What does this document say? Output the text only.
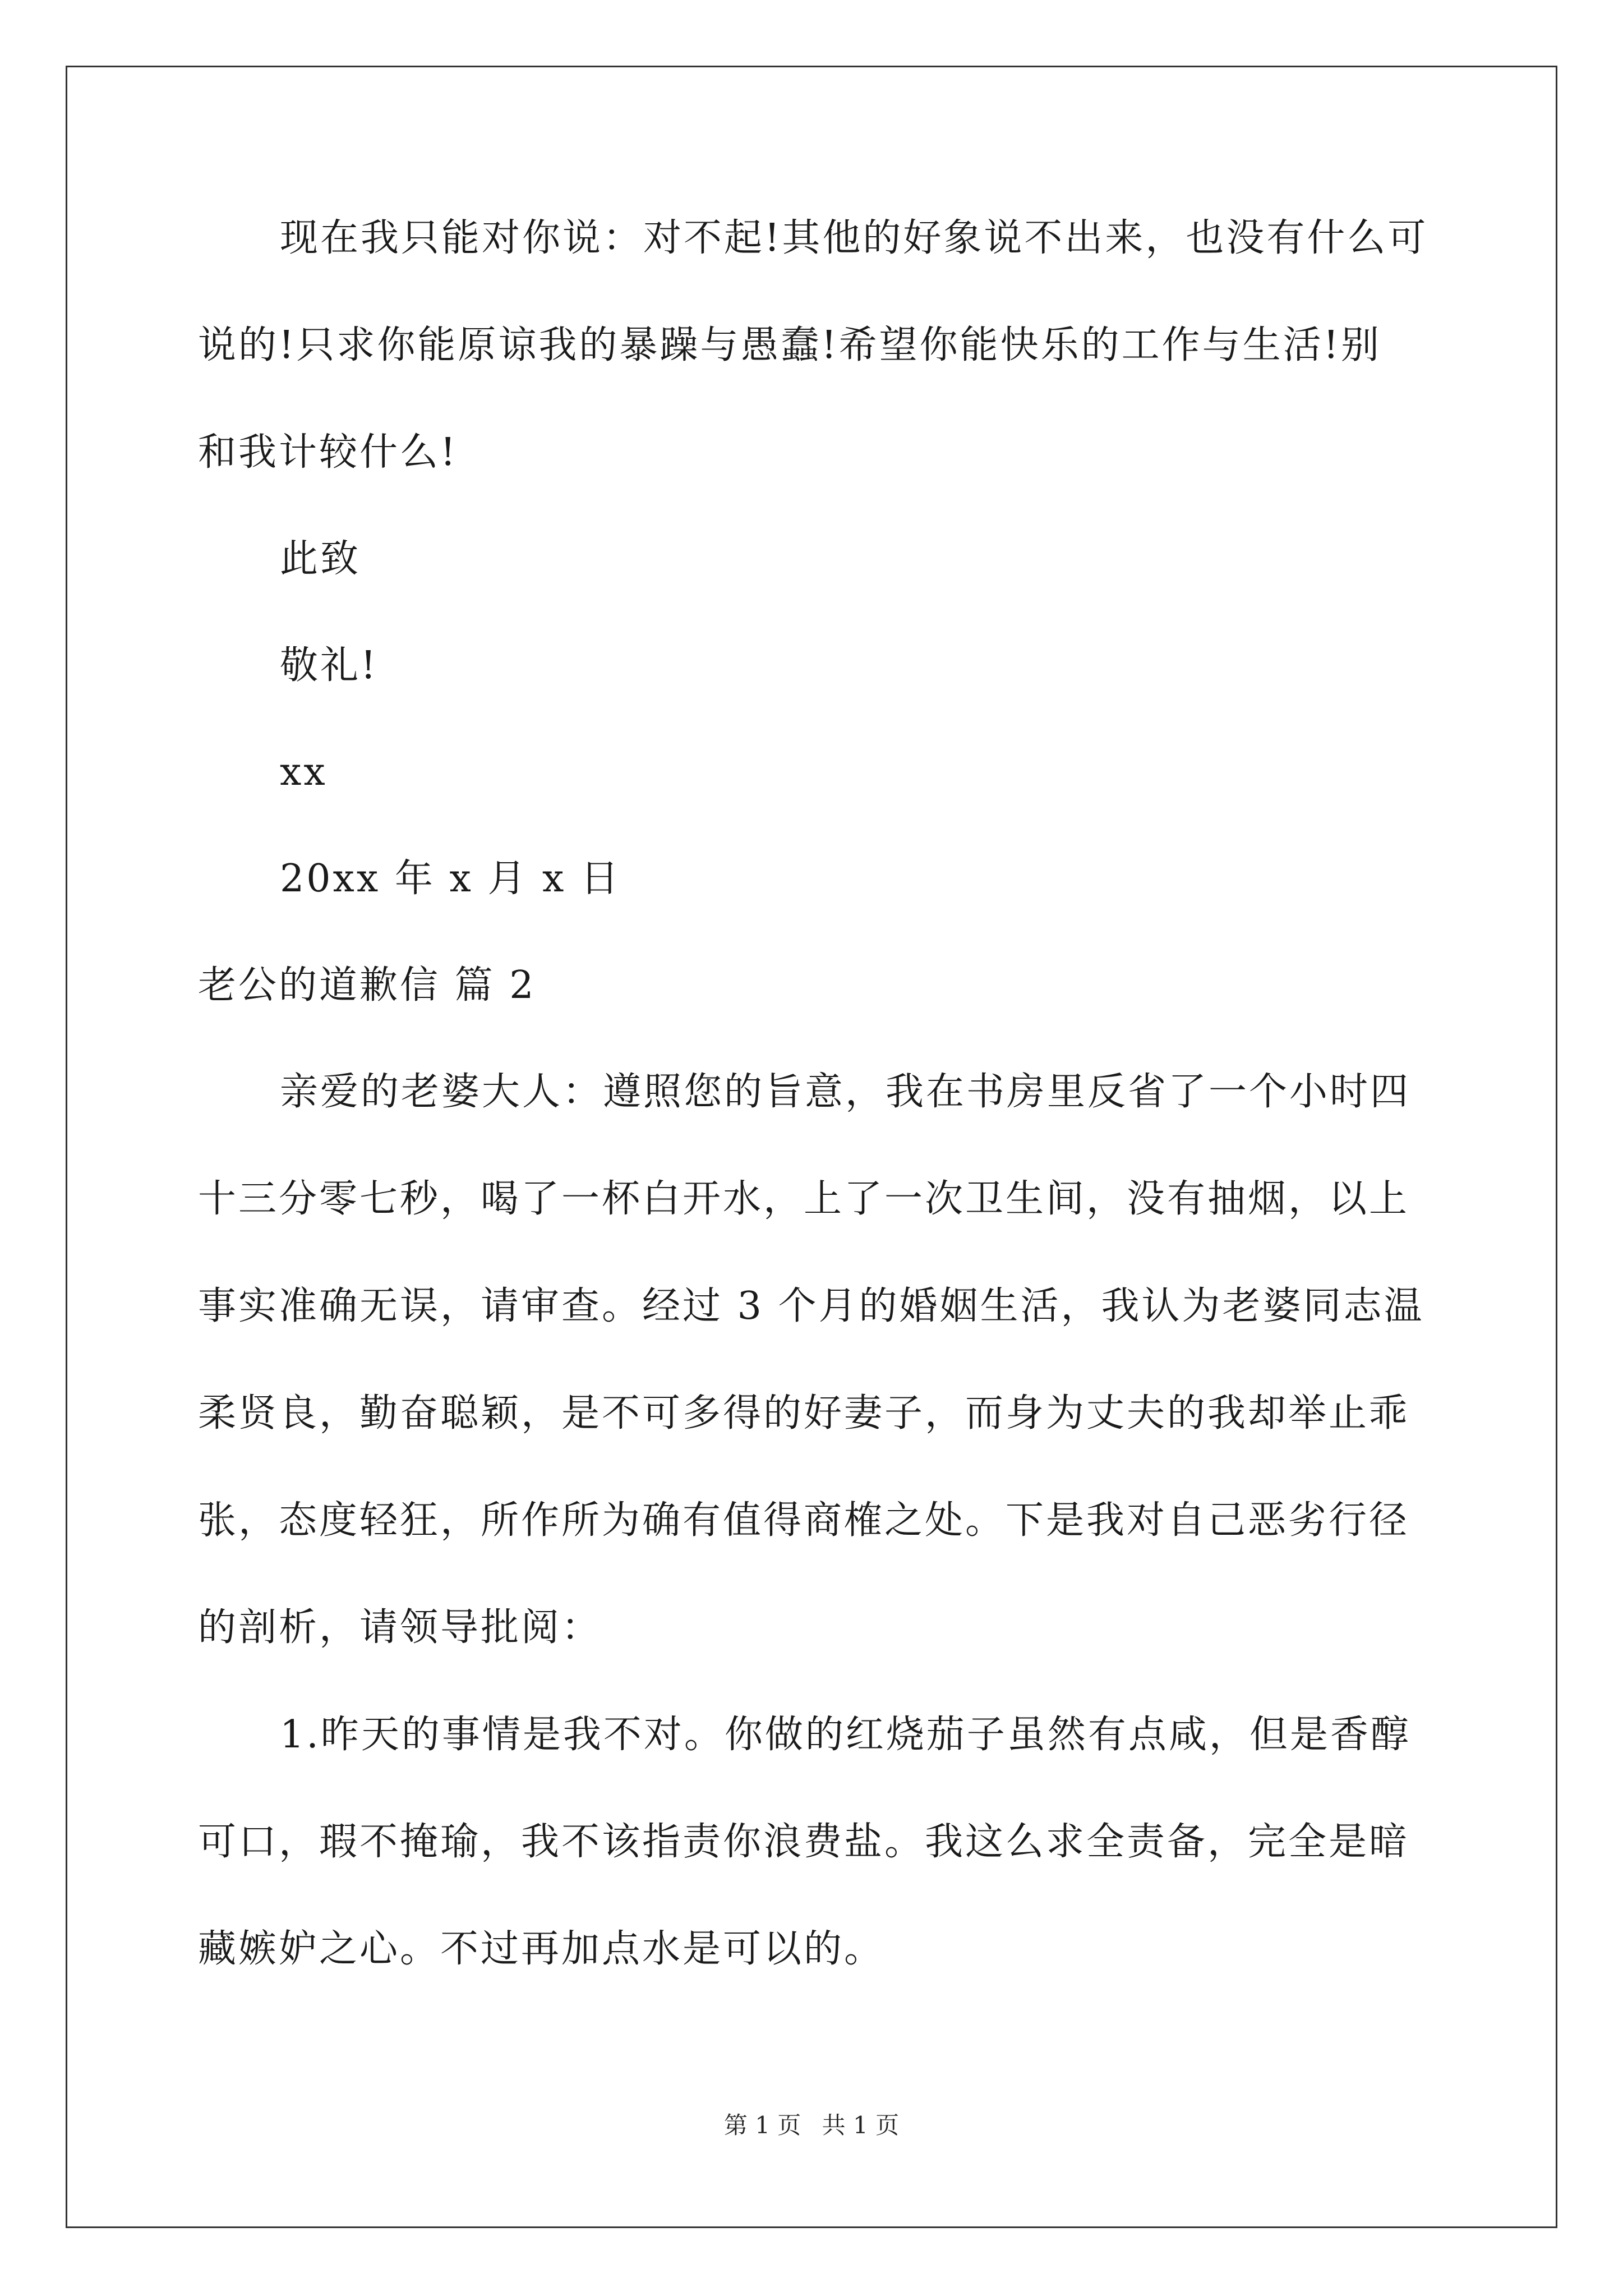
现在我只能对你说：对不起!其他的好象说不出来，也没有什么可
说的!只求你能原谅我的暴躁与愚蠢!希望你能快乐的工作与生活!别
和我计较什么!
此致
敬礼!
xx
20xx 年 x 月 x 日
老公的道歉信 篇 2
亲爱的老婆大人：遵照您的旨意，我在书房里反省了一个小时四
十三分零七秒，喝了一杯白开水，上了一次卫生间，没有抽烟，以上
事实准确无误，请审查。经过 3 个月的婚姻生活，我认为老婆同志温
柔贤良，勤奋聪颖，是不可多得的好妻子，而身为丈夫的我却举止乖
张，态度轻狂，所作所为确有值得商榷之处。下是我对自己恶劣行径
的剖析，请领导批阅：
1.昨天的事情是我不对。你做的红烧茄子虽然有点咸，但是香醇
可口，瑕不掩瑜，我不该指责你浪费盐。我这么求全责备，完全是暗
藏嫉妒之心。不过再加点水是可以的。
第 1 页 共 1 页
